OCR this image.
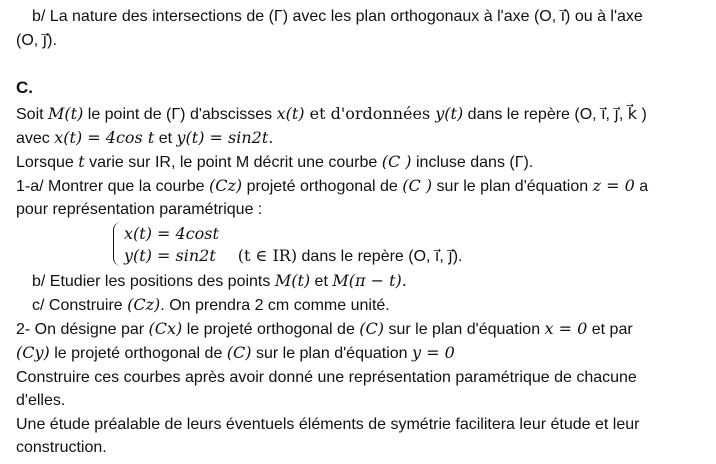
b/ La nature des intersections de (Γ) avec les plan orthogonaux à l'axe (O, ı⃗) ou à l'axe
(O, ȷ⃗).
C.
Soit M(t) le point de (Γ) d'abscisses x(t) et d'ordonnées y(t) dans le repère (O, ı⃗, ȷ⃗, k⃗ )
avec x(t) = 4cos t et y(t) = sin2t.
Lorsque t varie sur IR, le point M décrit une courbe (C ) incluse dans (Γ).
1-a/ Montrer que la courbe (Cz) projeté orthogonal de (C ) sur le plan d'équation z = 0 a
pour représentation paramétrique :
x(t) = 4cost
y(t) = sin2t (t ∈ IR) dans le repère (O, ı⃗, ȷ⃗).
b/ Etudier les positions des points M(t) et M(π − t).
c/ Construire (Cz). On prendra 2 cm comme unité.
2- On désigne par (Cx) le projeté orthogonal de (C) sur le plan d'équation x = 0 et par
(Cy) le projeté orthogonal de (C) sur le plan d'équation y = 0
Construire ces courbes après avoir donné une représentation paramétrique de chacune
d'elles.
Une étude préalable de leurs éventuels éléments de symétrie facilitera leur étude et leur
construction.
